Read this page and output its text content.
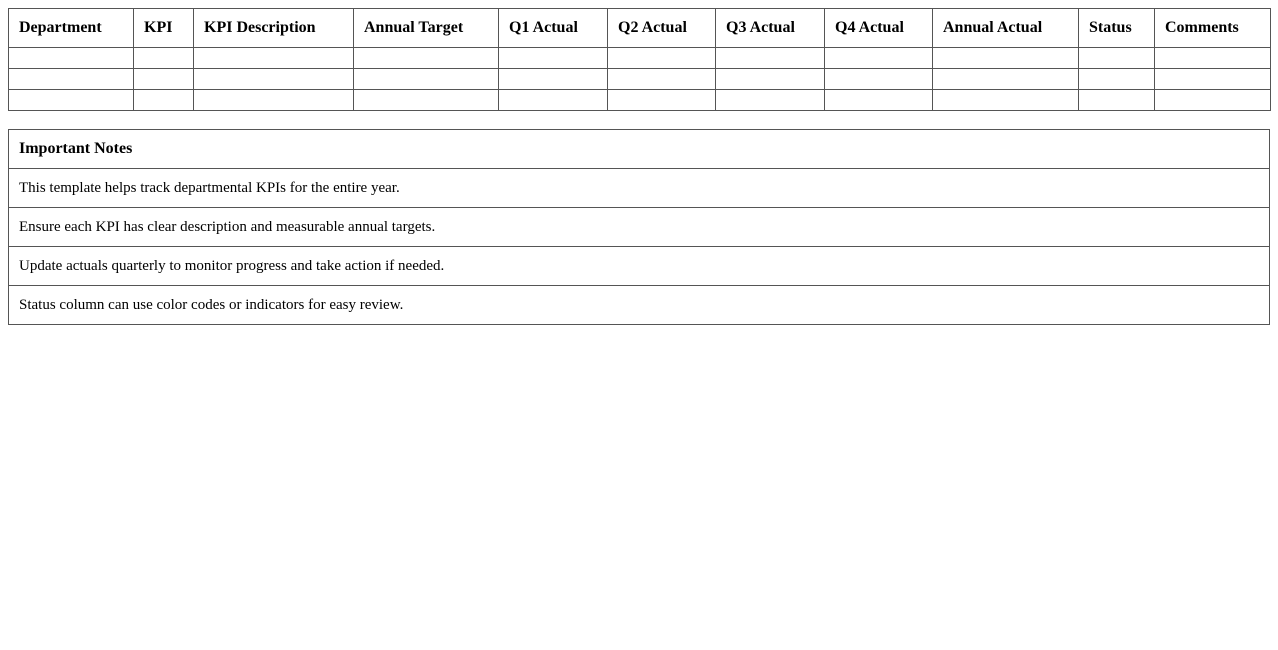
Department	KPI	KPI Description	Annual Target	Q1 Actual	Q2 Actual	Q3 Actual	Q4 Actual	Annual Actual	Status	Comments

Important Notes
This template helps track departmental KPIs for the entire year.
Ensure each KPI has clear description and measurable annual targets.
Update actuals quarterly to monitor progress and take action if needed.
Status column can use color codes or indicators for easy review.
